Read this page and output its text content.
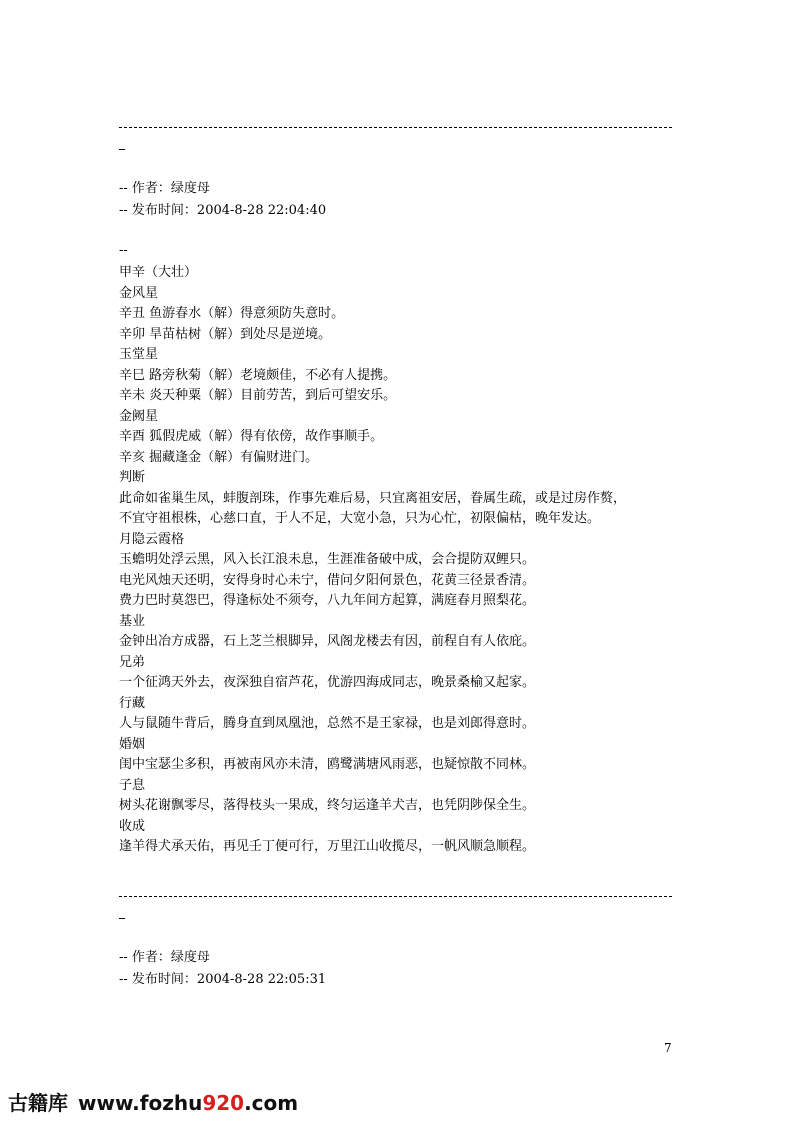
-- 作者：绿度母
-- 发布时间：2004-8-28 22:04:40
--
甲辛（大壮）
金风星
辛丑 鱼游春水（解）得意须防失意时。
辛卯 旱苗枯树（解）到处尽是逆境。
玉堂星
辛巳 路旁秋菊（解）老境颇佳，不必有人提携。
辛未 炎天种粟（解）目前劳苦，到后可望安乐。
金阙星
辛酉 狐假虎威（解）得有依傍，故作事顺手。
辛亥 掘藏逢金（解）有偏财进门。
判断
此命如雀巢生凤，蚌腹剖珠，作事先难后易，只宜离祖安居，眷属生疏，或是过房作赘，
不宜守祖根株，心慈口直，于人不足，大宽小急，只为心忙，初限偏枯，晚年发达。
月隐云霞格
玉蟾明处浮云黑，风入长江浪未息，生涯准备破中成，会合提防双鲤只。
电光风烛天还明，安得身时心未宁，借问夕阳何景色，花黄三径景香清。
费力巴时莫怨巴，得逢标处不须夸，八九年间方起算，满庭春月照梨花。
基业
金钟出冶方成器，石上芝兰根脚异，风阁龙楼去有因，前程自有人依庇。
兄弟
一个征鸿天外去，夜深独自宿芦花，优游四海成同志，晚景桑榆又起家。
行藏
人与鼠随牛背后，腾身直到凤凰池，总然不是王家禄，也是刘郎得意时。
婚姻
闺中宝瑟尘多积，再被南风亦未清，鸥鹭满塘风雨恶，也疑惊散不同林。
子息
树头花谢飘零尽，落得枝头一果成，终匀运逢羊犬吉，也凭阴陟保全生。
收成
逢羊得犬承天佑，再见壬丁便可行，万里江山收揽尽，一帆风顺急顺程。
-- 作者：绿度母
-- 发布时间：2004-8-28 22:05:31
7
古籍库 www.fozhu920.com
